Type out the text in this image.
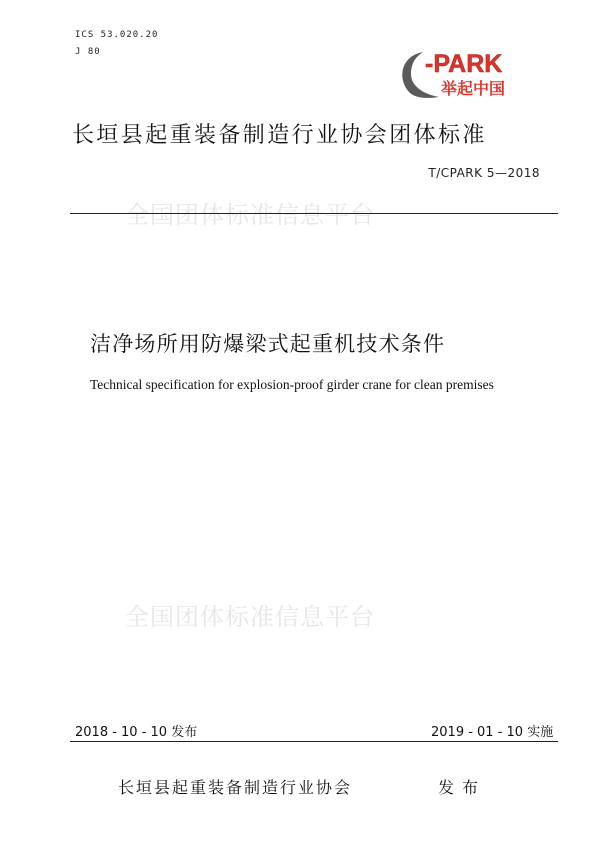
ICS 53.020.20
J 80	-PARK
举起中国
长垣县起重装备制造行业协会团体标准
T/CPARK 5—2018
全国团体标准信息平台
洁净场所用防爆梁式起重机技术条件
Technical specification for explosion-proof girder crane for clean premises
全国团体标准信息平台
2018 - 10 - 10 发布	2019 - 01 - 10 实施
长垣县起重装备制造行业协会	发布
